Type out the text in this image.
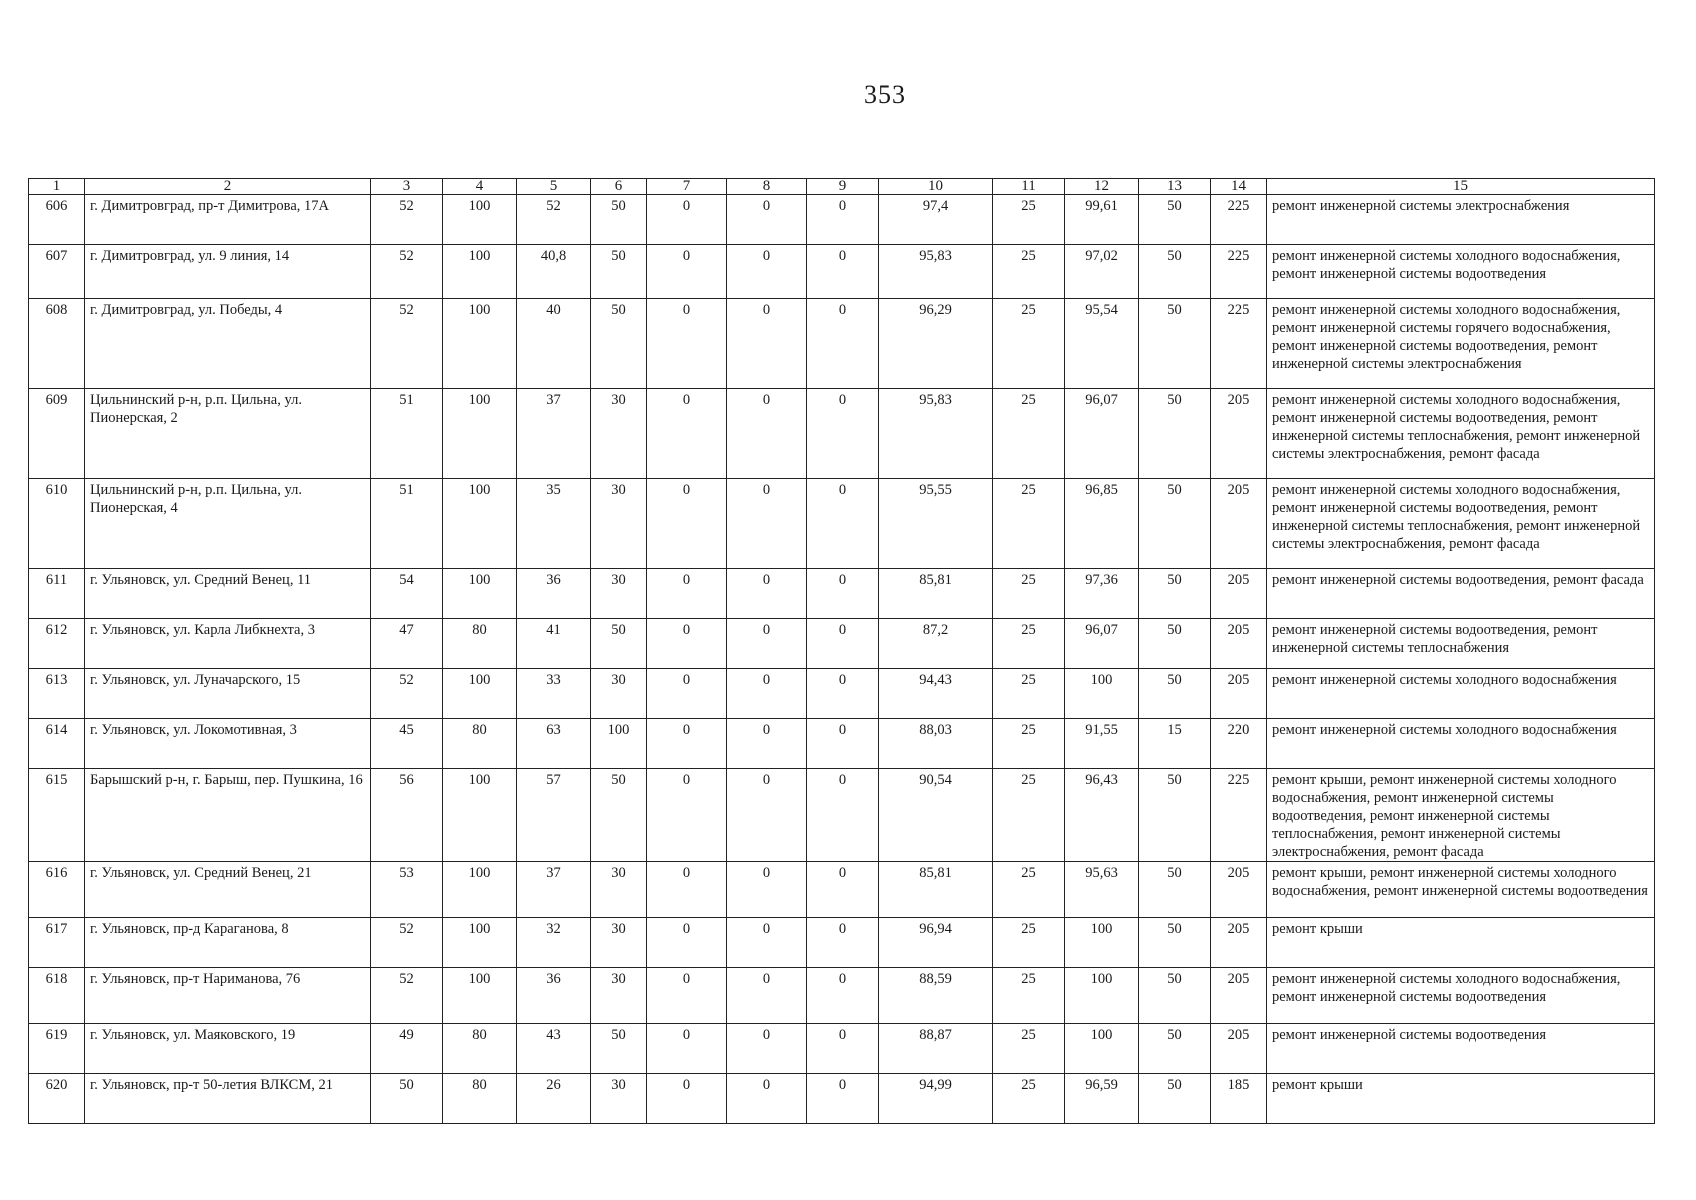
353
1	2	3	4	5	6	7	8	9	10	11	12	13	14	15
606	г. Димитровград, пр-т Димитрова, 17А	52	100	52	50	0	0	0	97,4	25	99,61	50	225	ремонт инженерной системы электроснабжения
607	г. Димитровград, ул. 9 линия, 14	52	100	40,8	50	0	0	0	95,83	25	97,02	50	225	ремонт инженерной системы холодного водоснабжения, ремонт инженерной системы водоотведения
608	г. Димитровград, ул. Победы, 4	52	100	40	50	0	0	0	96,29	25	95,54	50	225	ремонт инженерной системы холодного водоснабжения, ремонт инженерной системы горячего водоснабжения, ремонт инженерной системы водоотведения, ремонт инженерной системы электроснабжения
609	Цильнинский р-н, р.п. Цильна, ул. Пионерская, 2	51	100	37	30	0	0	0	95,83	25	96,07	50	205	ремонт инженерной системы холодного водоснабжения, ремонт инженерной системы водоотведения, ремонт инженерной системы теплоснабжения, ремонт инженерной системы электроснабжения, ремонт фасада
610	Цильнинский р-н, р.п. Цильна, ул. Пионерская, 4	51	100	35	30	0	0	0	95,55	25	96,85	50	205	ремонт инженерной системы холодного водоснабжения, ремонт инженерной системы водоотведения, ремонт инженерной системы теплоснабжения, ремонт инженерной системы электроснабжения, ремонт фасада
611	г. Ульяновск, ул. Средний Венец, 11	54	100	36	30	0	0	0	85,81	25	97,36	50	205	ремонт инженерной системы водоотведения, ремонт фасада
612	г. Ульяновск, ул. Карла Либкнехта, 3	47	80	41	50	0	0	0	87,2	25	96,07	50	205	ремонт инженерной системы водоотведения, ремонт инженерной системы теплоснабжения
613	г. Ульяновск, ул. Луначарского, 15	52	100	33	30	0	0	0	94,43	25	100	50	205	ремонт инженерной системы холодного водоснабжения
614	г. Ульяновск, ул. Локомотивная, 3	45	80	63	100	0	0	0	88,03	25	91,55	15	220	ремонт инженерной системы холодного водоснабжения
615	Барышский р-н, г. Барыш, пер. Пушкина, 16	56	100	57	50	0	0	0	90,54	25	96,43	50	225	ремонт крыши, ремонт инженерной системы холодного водоснабжения, ремонт инженерной системы водоотведения, ремонт инженерной системы теплоснабжения, ремонт инженерной системы электроснабжения, ремонт фасада
616	г. Ульяновск, ул. Средний Венец, 21	53	100	37	30	0	0	0	85,81	25	95,63	50	205	ремонт крыши, ремонт инженерной системы холодного водоснабжения, ремонт инженерной системы водоотведения
617	г. Ульяновск, пр-д Караганова, 8	52	100	32	30	0	0	0	96,94	25	100	50	205	ремонт крыши
618	г. Ульяновск, пр-т Нариманова, 76	52	100	36	30	0	0	0	88,59	25	100	50	205	ремонт инженерной системы холодного водоснабжения, ремонт инженерной системы водоотведения
619	г. Ульяновск, ул. Маяковского, 19	49	80	43	50	0	0	0	88,87	25	100	50	205	ремонт инженерной системы водоотведения
620	г. Ульяновск, пр-т 50-летия ВЛКСМ, 21	50	80	26	30	0	0	0	94,99	25	96,59	50	185	ремонт крыши
